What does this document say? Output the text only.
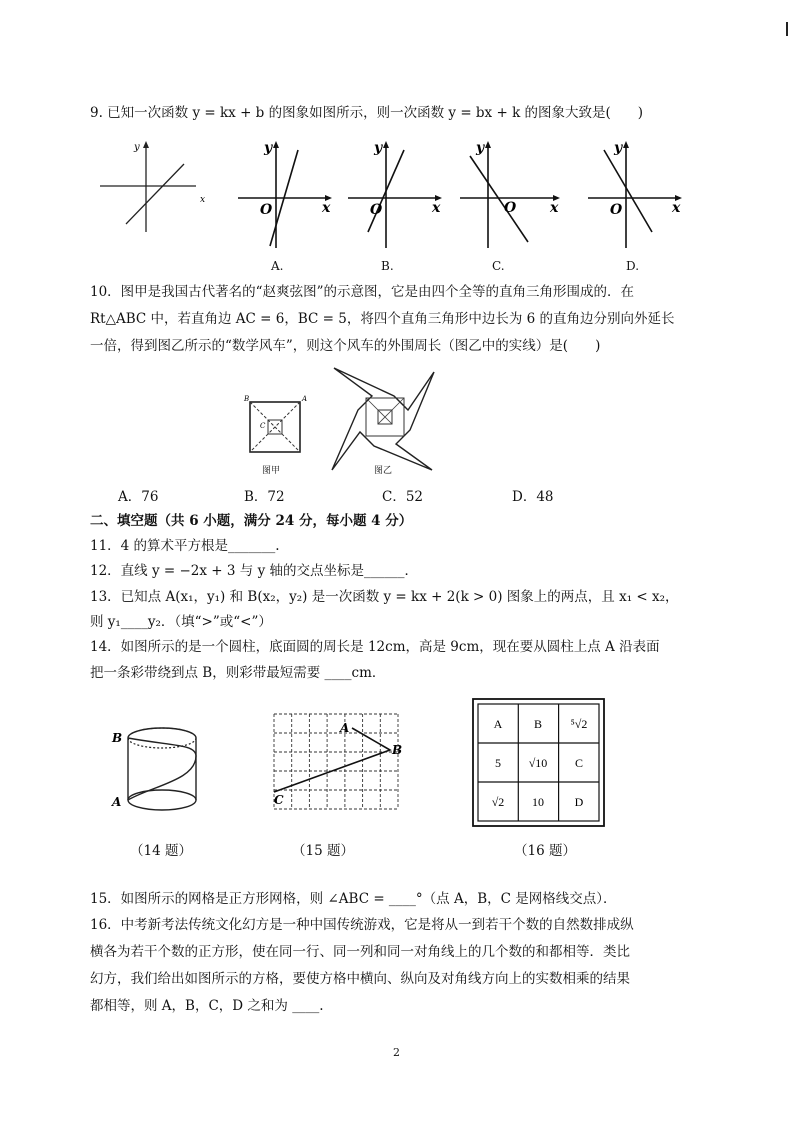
9. 已知一次函数 y = kx + b 的图象如图所示，则一次函数 y = bx + k 的图象大致是(　　)
y
x
y
O	x
y
O	x
y
O x
y
O	x
A.	B.	C.	D.
10．图甲是我国古代著名的“赵爽弦图”的示意图，它是由四个全等的直角三角形围成的．在
Rt△ABC 中，若直角边 AC = 6，BC = 5，将四个直角三角形中边长为 6 的直角边分别向外延长
一倍，得到图乙所示的“数学风车”，则这个风车的外围周长（图乙中的实线）是(　　)
B	A
C
图甲	图乙
A．76	B．72	C．52	D．48
二、填空题（共 6 小题，满分 24 分，每小题 4 分）
11．4 的算术平方根是_______.
12．直线 y = −2x + 3 与 y 轴的交点坐标是______．
13．已知点 A(x₁，y₁) 和 B(x₂，y₂) 是一次函数 y = kx + 2(k > 0) 图象上的两点，且 x₁ < x₂，
则 y₁____y₂．（填“>”或“<”）
14．如图所示的是一个圆柱，底面圆的周长是 12cm，高是 9cm，现在要从圆柱上点 A 沿表面
把一条彩带绕到点 B，则彩带最短需要 ____cm．
B
A
（14 题）
A
B
C
（15 题）
A	B ⁵√2
5 √10 C
√2 10	D
（16 题）
15．如图所示的网格是正方形网格，则 ∠ABC = ____°（点 A，B，C 是网格线交点）．
16．中考新考法传统文化幻方是一种中国传统游戏，它是将从一到若干个数的自然数排成纵
横各为若干个数的正方形，使在同一行、同一列和同一对角线上的几个数的和都相等．类比
幻方，我们给出如图所示的方格，要使方格中横向、纵向及对角线方向上的实数相乘的结果
都相等，则 A，B，C，D 之和为 ____.
2
